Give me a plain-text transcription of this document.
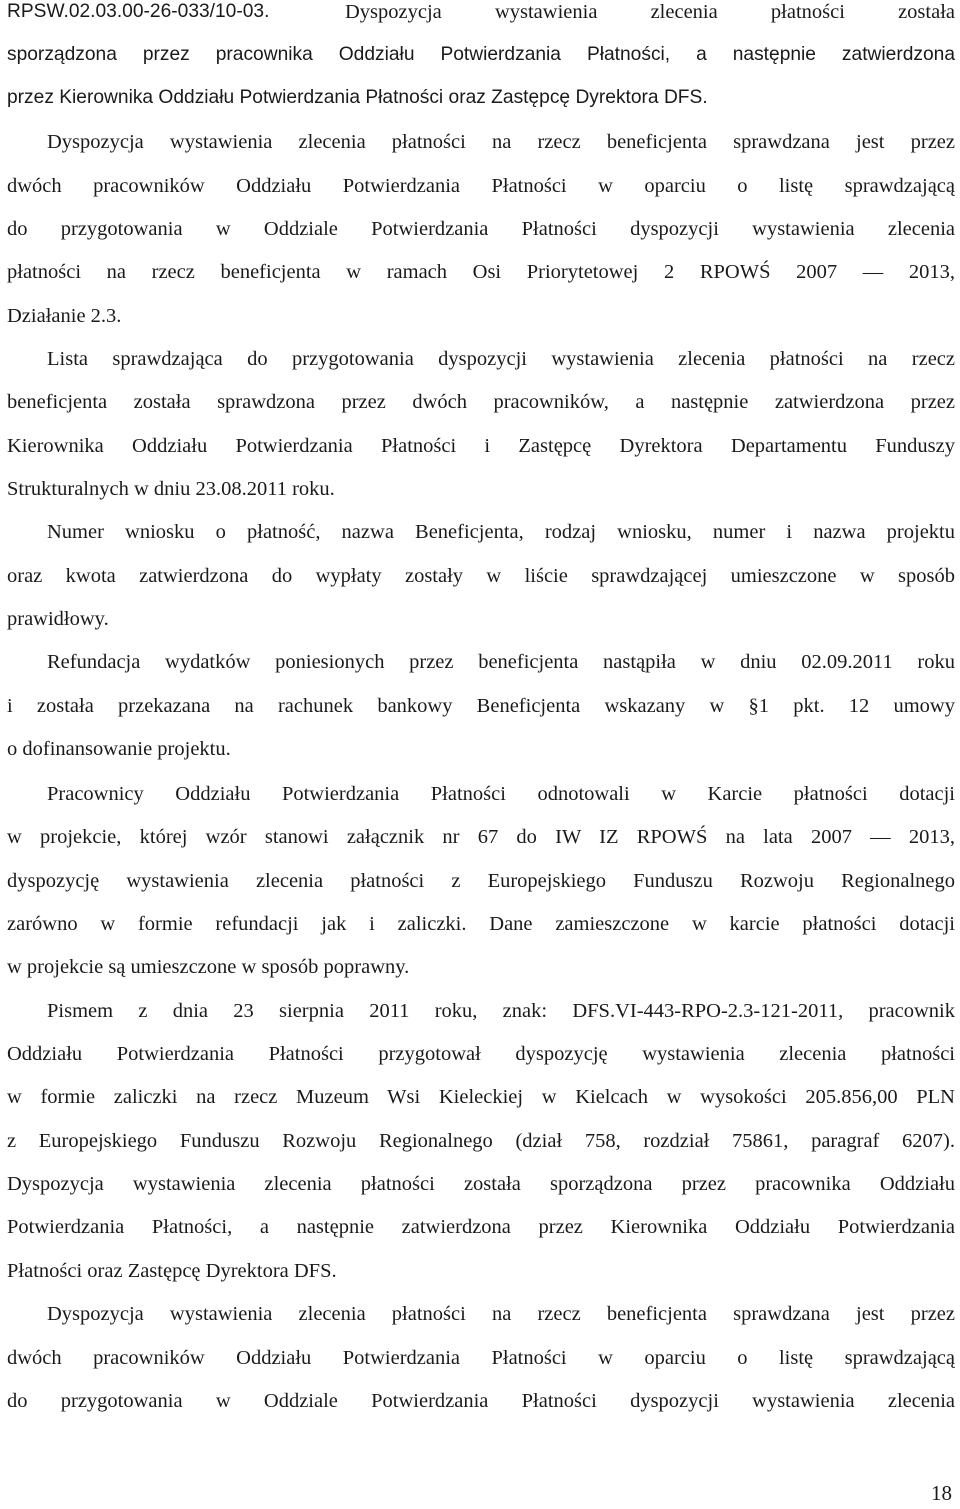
RPSW.02.03.00-26-033/10-03.	Dyspozycja wystawienia zlecenia płatności została
sporządzona przez pracownika Oddziału Potwierdzania Płatności, a następnie zatwierdzona
przez Kierownika Oddziału Potwierdzania Płatności oraz Zastępcę Dyrektora DFS.
Dyspozycja wystawienia zlecenia płatności na rzecz beneficjenta sprawdzana jest przez
dwóch pracowników Oddziału Potwierdzania Płatności w oparciu o listę sprawdzającą
do przygotowania w Oddziale Potwierdzania Płatności dyspozycji wystawienia zlecenia
płatności na rzecz beneficjenta w ramach Osi Priorytetowej 2 RPOWŚ 2007 ― 2013,
Działanie 2.3.
Lista sprawdzająca do przygotowania dyspozycji wystawienia zlecenia płatności na rzecz
beneficjenta została sprawdzona przez dwóch pracowników, a następnie zatwierdzona przez
Kierownika Oddziału Potwierdzania Płatności i Zastępcę Dyrektora Departamentu Funduszy
Strukturalnych w dniu 23.08.2011 roku.
Numer wniosku o płatność, nazwa Beneficjenta, rodzaj wniosku, numer i nazwa projektu
oraz kwota zatwierdzona do wypłaty zostały w liście sprawdzającej umieszczone w sposób
prawidłowy.
Refundacja wydatków poniesionych przez beneficjenta nastąpiła w dniu 02.09.2011 roku
i została przekazana na rachunek bankowy Beneficjenta wskazany w §1 pkt. 12 umowy
o dofinansowanie projektu.
Pracownicy Oddziału Potwierdzania Płatności odnotowali w Karcie płatności dotacji
w projekcie, której wzór stanowi załącznik nr 67 do IW IZ RPOWŚ na lata 2007 ― 2013,
dyspozycję wystawienia zlecenia płatności z Europejskiego Funduszu Rozwoju Regionalnego
zarówno w formie refundacji jak i zaliczki. Dane zamieszczone w karcie płatności dotacji
w projekcie są umieszczone w sposób poprawny.
Pismem z dnia 23 sierpnia 2011 roku, znak: DFS.VI-443-RPO-2.3-121-2011, pracownik
Oddziału Potwierdzania Płatności przygotował dyspozycję wystawienia zlecenia płatności
w formie zaliczki na rzecz Muzeum Wsi Kieleckiej w Kielcach w wysokości 205.856,00 PLN
z Europejskiego Funduszu Rozwoju Regionalnego (dział 758, rozdział 75861, paragraf 6207).
Dyspozycja wystawienia zlecenia płatności została sporządzona przez pracownika Oddziału
Potwierdzania Płatności, a następnie zatwierdzona przez Kierownika Oddziału Potwierdzania
Płatności oraz Zastępcę Dyrektora DFS.
Dyspozycja wystawienia zlecenia płatności na rzecz beneficjenta sprawdzana jest przez
dwóch pracowników Oddziału Potwierdzania Płatności w oparciu o listę sprawdzającą
do przygotowania w Oddziale Potwierdzania Płatności dyspozycji wystawienia zlecenia
18
